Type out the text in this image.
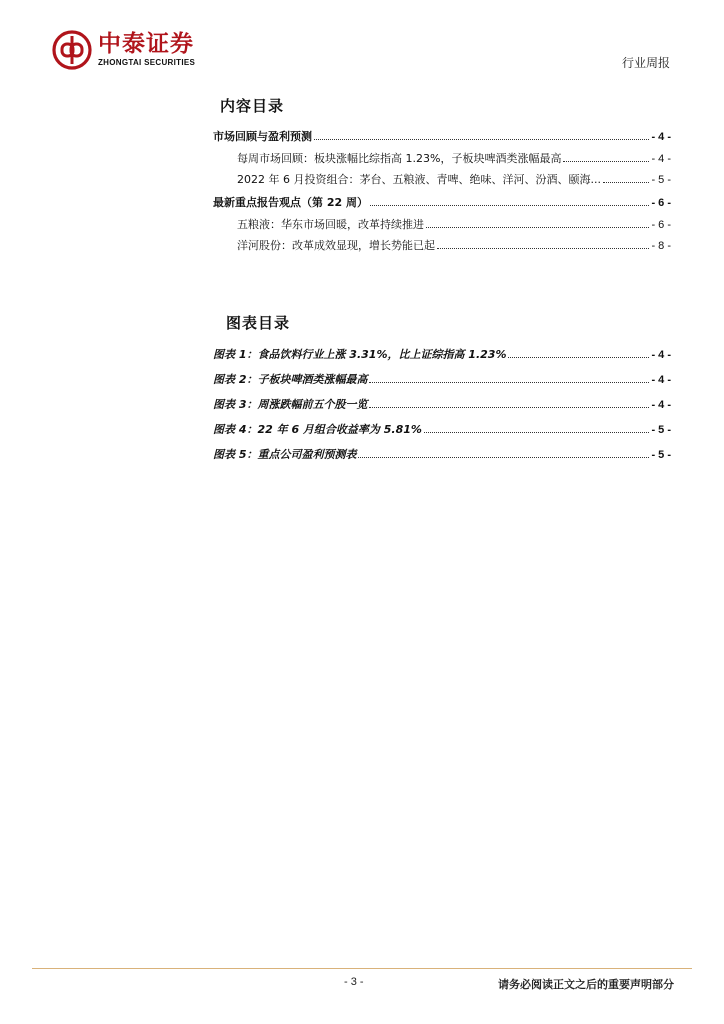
中泰证券
ZHONGTAI SECURITIES	行业周报
内容目录
市场回顾与盈利预测	- 4 -
每周市场回顾：板块涨幅比综指高 1.23%，子板块啤酒类涨幅最高	- 4 -
2022 年 6 月投资组合：茅台、五粮液、青啤、绝味、洋河、汾酒、颐海...	- 5 -
最新重点报告观点（第 22 周）	- 6 -
五粮液：华东市场回暖，改革持续推进	- 6 -
洋河股份：改革成效显现，增长势能已起	- 8 -
图表目录
图表 1：食品饮料行业上涨 3.31%，比上证综指高 1.23%	- 4 -
图表 2：子板块啤酒类涨幅最高	- 4 -
图表 3：周涨跌幅前五个股一览	- 4 -
图表 4：22 年 6 月组合收益率为 5.81%	- 5 -
图表 5：重点公司盈利预测表	- 5 -
- 3 -	请务必阅读正文之后的重要声明部分
